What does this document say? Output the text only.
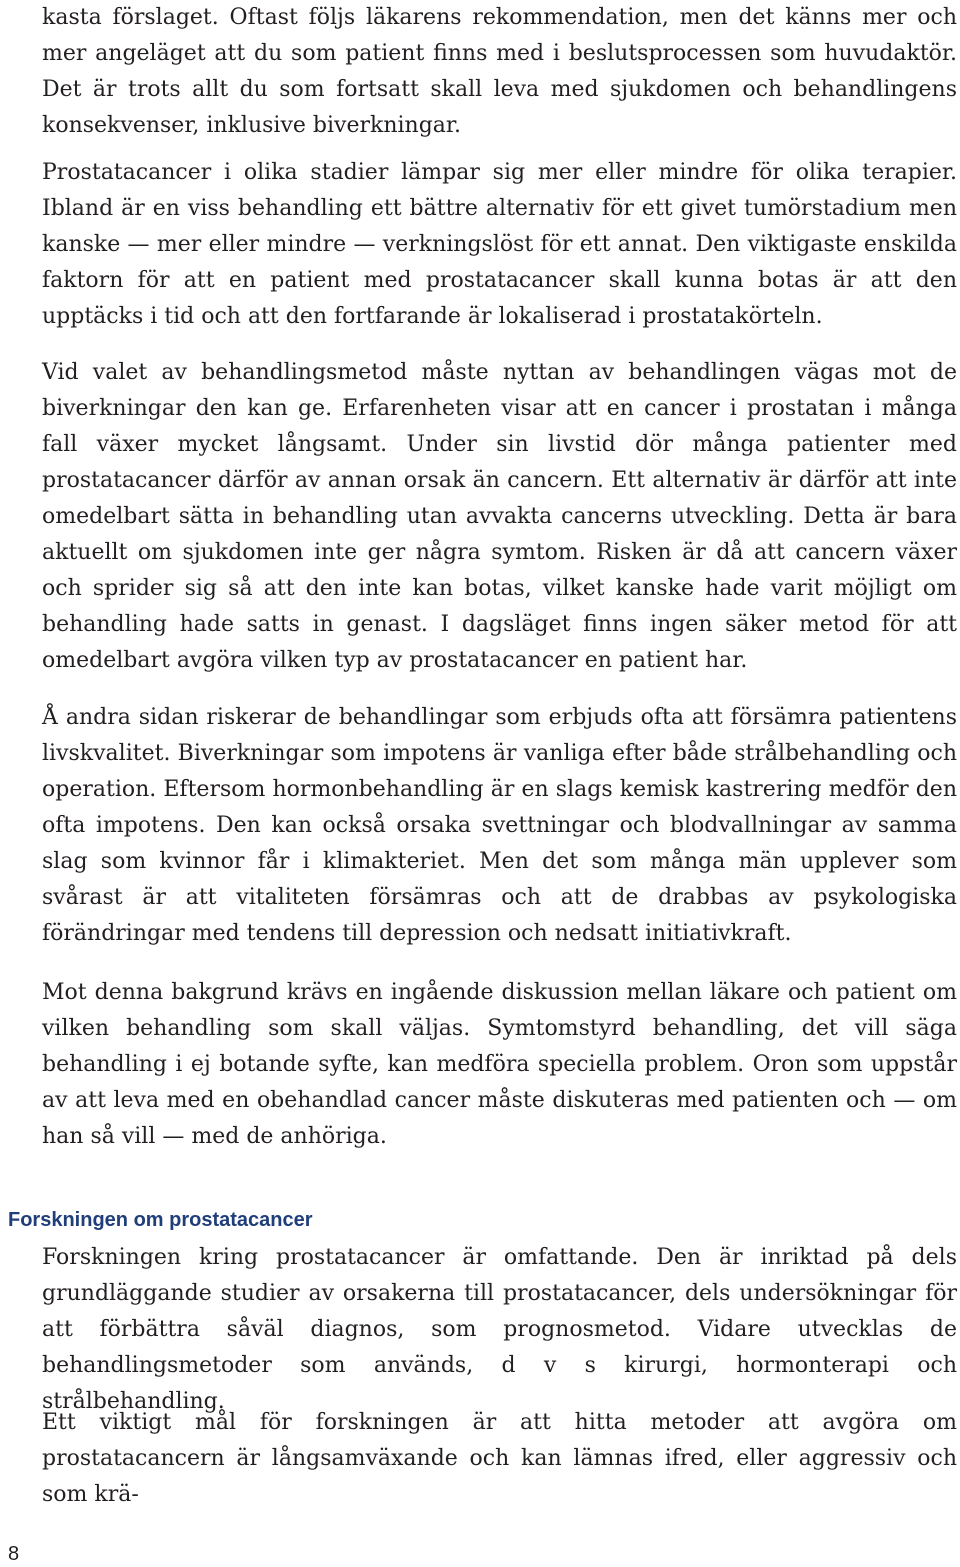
kasta förslaget. Oftast följs läkarens rekommendation, men det känns mer och mer angeläget att du som patient finns med i beslutsprocessen som huvudaktör. Det är trots allt du som fortsatt skall leva med sjukdomen och behandlingens konsekvenser, inklusive biverkningar.

Prostatacancer i olika stadier lämpar sig mer eller mindre för olika terapier. Ibland är en viss behandling ett bättre alternativ för ett givet tumörstadium men kanske — mer eller mindre — verkningslöst för ett annat. Den viktigaste enskilda faktorn för att en patient med prostatacancer skall kunna botas är att den upptäcks i tid och att den fortfarande är lokaliserad i prostatakörteln.

Vid valet av behandlingsmetod måste nyttan av behandlingen vägas mot de biverkningar den kan ge. Erfarenheten visar att en cancer i prostatan i många fall växer mycket långsamt. Under sin livstid dör många patienter med prostatacancer därför av annan orsak än cancern. Ett alternativ är därför att inte omedelbart sätta in behandling utan avvakta cancerns utveckling. Detta är bara aktuellt om sjukdomen inte ger några symtom. Risken är då att cancern växer och sprider sig så att den inte kan botas, vilket kanske hade varit möjligt om behandling hade satts in genast. I dagsläget finns ingen säker metod för att omedelbart avgöra vilken typ av prostatacancer en patient har.

Å andra sidan riskerar de behandlingar som erbjuds ofta att försämra patientens livskvalitet. Biverkningar som impotens är vanliga efter både strålbehandling och operation. Eftersom hormonbehandling är en slags kemisk kastrering medför den ofta impotens. Den kan också orsaka svettningar och blodvallningar av samma slag som kvinnor får i klimakteriet. Men det som många män upplever som svårast är att vitaliteten försämras och att de drabbas av psykologiska förändringar med tendens till depression och nedsatt initiativkraft.

Mot denna bakgrund krävs en ingående diskussion mellan läkare och patient om vilken behandling som skall väljas. Symtomstyrd behandling, det vill säga behandling i ej botande syfte, kan medföra speciella problem. Oron som uppstår av att leva med en obehandlad cancer måste diskuteras med patienten och — om han så vill — med de anhöriga.

Forskningen om prostatacancer

Forskningen kring prostatacancer är omfattande. Den är inriktad på dels grundläggande studier av orsakerna till prostatacancer, dels undersökningar för att förbättra såväl diagnos, som prognosmetod. Vidare utvecklas de behandlingsmetoder som används, d v s kirurgi, hormonterapi och strålbehandling.

Ett viktigt mål för forskningen är att hitta metoder att avgöra om prostatacancern är långsamväxande och kan lämnas ifred, eller aggressiv och som krä-

8
